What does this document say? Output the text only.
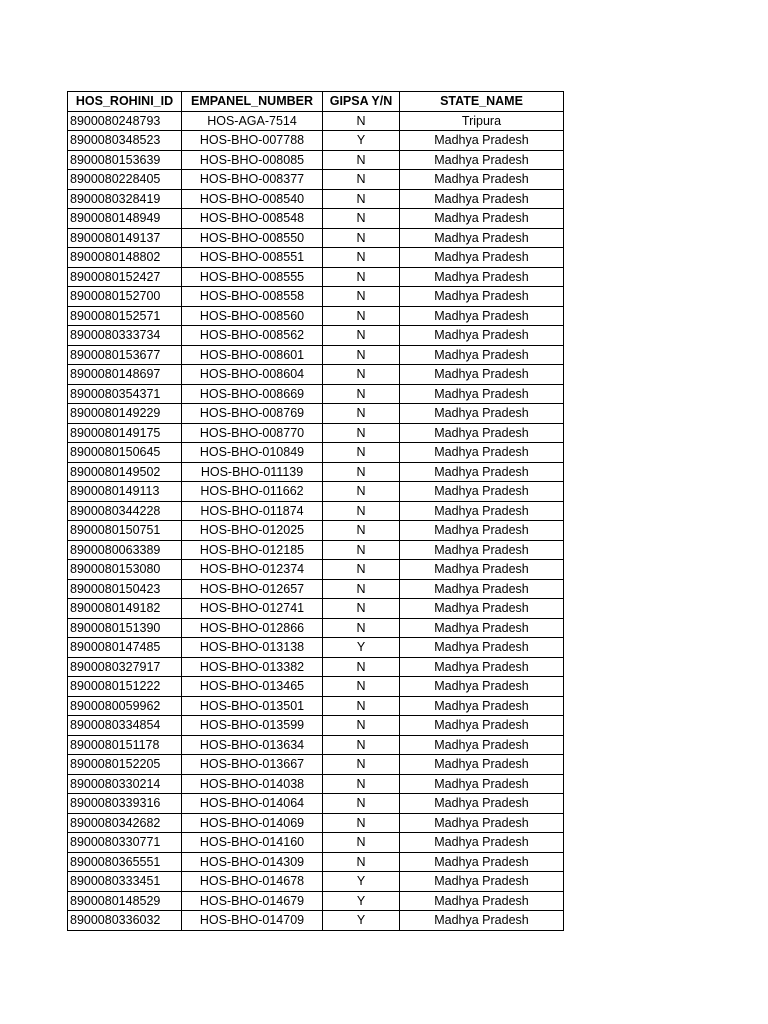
HOS_ROHINI_ID	EMPANEL_NUMBER	GIPSA Y/N	STATE_NAME
8900080248793	HOS-AGA-7514	N	Tripura
8900080348523	HOS-BHO-007788	Y	Madhya Pradesh
8900080153639	HOS-BHO-008085	N	Madhya Pradesh
8900080228405	HOS-BHO-008377	N	Madhya Pradesh
8900080328419	HOS-BHO-008540	N	Madhya Pradesh
8900080148949	HOS-BHO-008548	N	Madhya Pradesh
8900080149137	HOS-BHO-008550	N	Madhya Pradesh
8900080148802	HOS-BHO-008551	N	Madhya Pradesh
8900080152427	HOS-BHO-008555	N	Madhya Pradesh
8900080152700	HOS-BHO-008558	N	Madhya Pradesh
8900080152571	HOS-BHO-008560	N	Madhya Pradesh
8900080333734	HOS-BHO-008562	N	Madhya Pradesh
8900080153677	HOS-BHO-008601	N	Madhya Pradesh
8900080148697	HOS-BHO-008604	N	Madhya Pradesh
8900080354371	HOS-BHO-008669	N	Madhya Pradesh
8900080149229	HOS-BHO-008769	N	Madhya Pradesh
8900080149175	HOS-BHO-008770	N	Madhya Pradesh
8900080150645	HOS-BHO-010849	N	Madhya Pradesh
8900080149502	HOS-BHO-011139	N	Madhya Pradesh
8900080149113	HOS-BHO-011662	N	Madhya Pradesh
8900080344228	HOS-BHO-011874	N	Madhya Pradesh
8900080150751	HOS-BHO-012025	N	Madhya Pradesh
8900080063389	HOS-BHO-012185	N	Madhya Pradesh
8900080153080	HOS-BHO-012374	N	Madhya Pradesh
8900080150423	HOS-BHO-012657	N	Madhya Pradesh
8900080149182	HOS-BHO-012741	N	Madhya Pradesh
8900080151390	HOS-BHO-012866	N	Madhya Pradesh
8900080147485	HOS-BHO-013138	Y	Madhya Pradesh
8900080327917	HOS-BHO-013382	N	Madhya Pradesh
8900080151222	HOS-BHO-013465	N	Madhya Pradesh
8900080059962	HOS-BHO-013501	N	Madhya Pradesh
8900080334854	HOS-BHO-013599	N	Madhya Pradesh
8900080151178	HOS-BHO-013634	N	Madhya Pradesh
8900080152205	HOS-BHO-013667	N	Madhya Pradesh
8900080330214	HOS-BHO-014038	N	Madhya Pradesh
8900080339316	HOS-BHO-014064	N	Madhya Pradesh
8900080342682	HOS-BHO-014069	N	Madhya Pradesh
8900080330771	HOS-BHO-014160	N	Madhya Pradesh
8900080365551	HOS-BHO-014309	N	Madhya Pradesh
8900080333451	HOS-BHO-014678	Y	Madhya Pradesh
8900080148529	HOS-BHO-014679	Y	Madhya Pradesh
8900080336032	HOS-BHO-014709	Y	Madhya Pradesh
